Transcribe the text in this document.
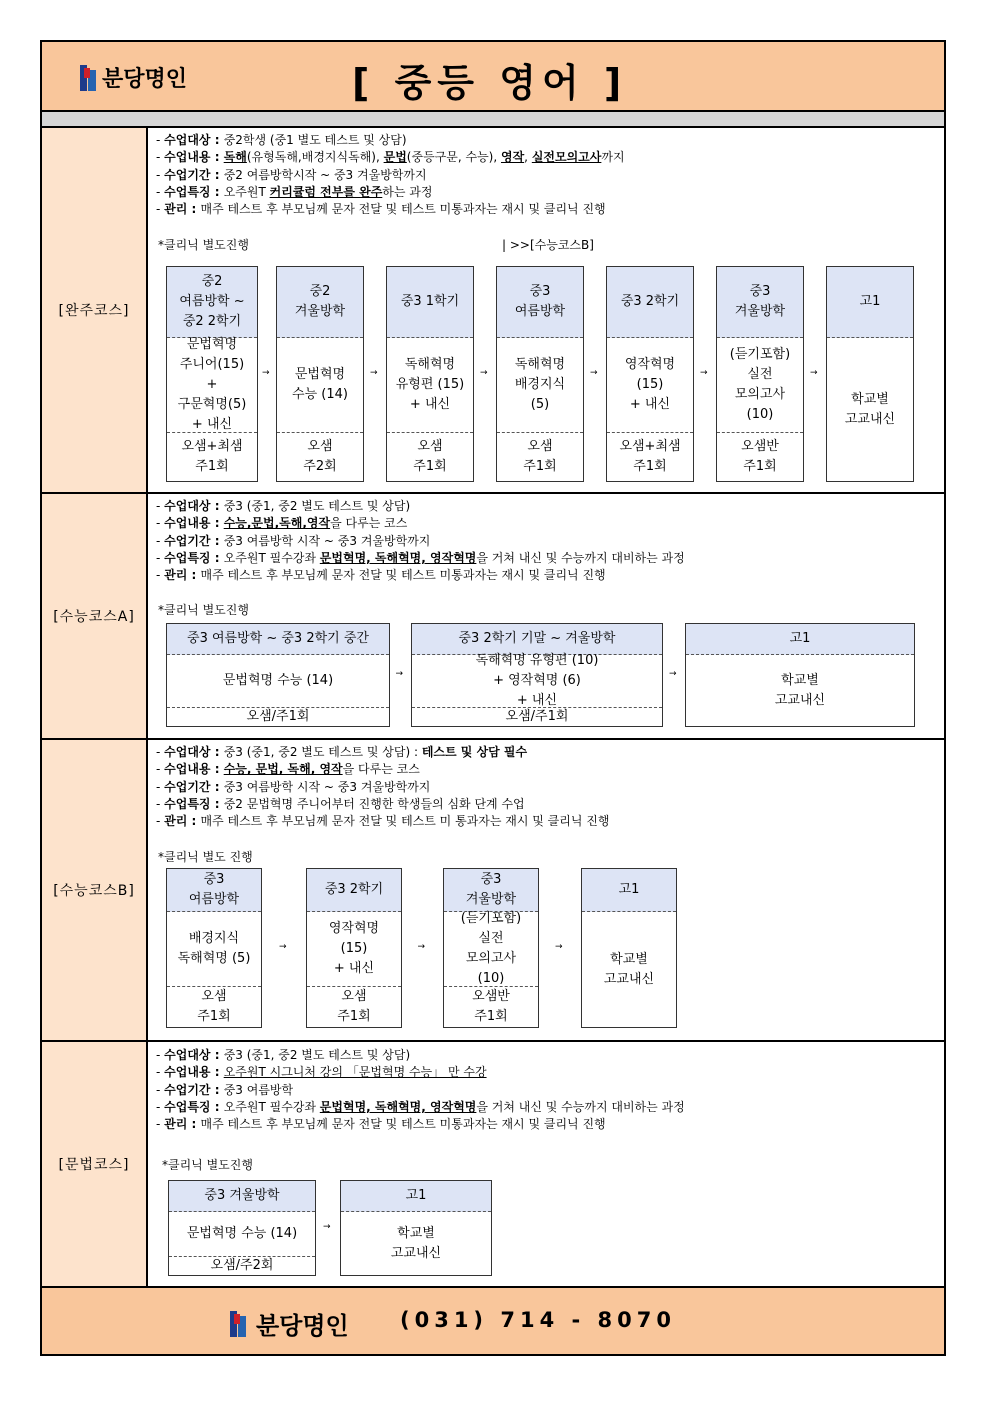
분당명인	[ 중등 영어 ]
[완주코스]
- 수업대상 : 중2학생 (중1 별도 테스트 및 상담)
- 수업내용 : 독해(유형독해,배경지식독해), 문법(중등구문, 수능), 영작, 실전모의고사까지
- 수업기간 : 중2 여름방학시작 ~ 중3 겨울방학까지
- 수업특징 : 오주원T 커리큘럼 전부를 완주하는 과정
- 관리 : 매주 테스트 후 부모님께 문자 전달 및 테스트 미통과자는 재시 및 클리닉 진행
*클리닉 별도진행	| >>[수능코스B]
중2
여름방학 ~
중2 2학기
문법혁명
주니어(15)
+
구문혁명(5)
+ 내신
오샘+최샘
주1회
→
중2
겨울방학
문법혁명
수능 (14)
오샘
주2회
→
중3 1학기
독해혁명
유형편 (15)
+ 내신
오샘
주1회
→
중3
여름방학
독해혁명
배경지식
(5)
오샘
주1회
→
중3 2학기
영작혁명
(15)
+ 내신
오샘+최샘
주1회
→
중3
겨울방학
(듣기포함)
실전
모의고사
(10)
오샘반
주1회
→
고1
학교별
고교내신
[수능코스A]
- 수업대상 : 중3 (중1, 중2 별도 테스트 및 상담)
- 수업내용 : 수능,문법,독해,영작을 다루는 코스
- 수업기간 : 중3 여름방학 시작 ~ 중3 겨울방학까지
- 수업특징 : 오주원T 필수강좌 문법혁명, 독해혁명, 영작혁명을 거쳐 내신 및 수능까지 대비하는 과정
- 관리 : 매주 테스트 후 부모님께 문자 전달 및 테스트 미통과자는 재시 및 클리닉 진행
*클리닉 별도진행
중3 여름방학 ~ 중3 2학기 중간
문법혁명 수능 (14)
오샘/주1회
→
중3 2학기 기말 ~ 겨울방학
독해혁명 유형편 (10)
+ 영작혁명 (6)
+ 내신
오샘/주1회
→
고1
학교별
고교내신
[수능코스B]
- 수업대상 : 중3 (중1, 중2 별도 테스트 및 상담) : 테스트 및 상담 필수
- 수업내용 : 수능, 문법, 독해, 영작을 다루는 코스
- 수업기간 : 중3 여름방학 시작 ~ 중3 겨울방학까지
- 수업특징 : 중2 문법혁명 주니어부터 진행한 학생들의 심화 단계 수업
- 관리 : 매주 테스트 후 부모님께 문자 전달 및 테스트 미 통과자는 재시 및 클리닉 진행
*클리닉 별도 진행
중3
여름방학
배경지식
독해혁명 (5)
오샘
주1회
→
중3 2학기
영작혁명
(15)
+ 내신
오샘
주1회
→
중3
겨울방학
(듣기포함)
실전
모의고사
(10)
오샘반
주1회
→
고1
학교별
고교내신
[문법코스]
- 수업대상 : 중3 (중1, 중2 별도 테스트 및 상담)
- 수업내용 : 오주원T 시그니처 강의 「문법혁명 수능」 만 수강
- 수업기간 : 중3 여름방학
- 수업특징 : 오주원T 필수강좌 문법혁명, 독해혁명, 영작혁명을 거쳐 내신 및 수능까지 대비하는 과정
- 관리 : 매주 테스트 후 부모님께 문자 전달 및 테스트 미통과자는 재시 및 클리닉 진행
*클리닉 별도진행
중3 겨울방학
문법혁명 수능 (14)
오샘/주2회
→
고1
학교별
고교내신
분당명인 (031) 714 - 8070
